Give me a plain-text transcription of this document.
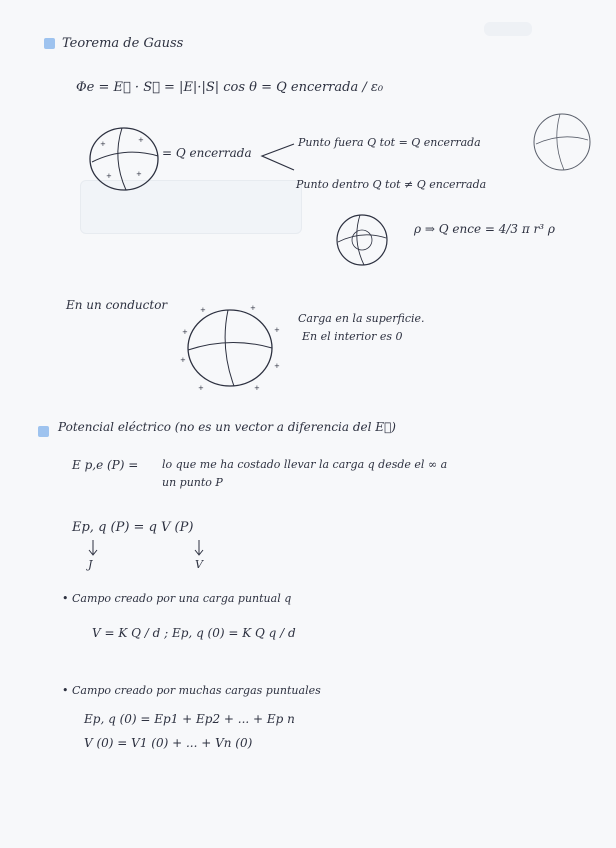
Teorema de Gauss
Φe = E⃗ · S⃗ = |E|·|S| cos θ = Q encerrada / ε₀
+	+
+	+
= Q encerrada
Punto fuera Q tot = Q encerrada
Punto dentro Q tot ≠ Q encerrada
ρ ⇒ Q ence = 4/3 π r³ ρ
En un conductor
+
+
+	+
+
+
+	+
Carga en la superficie.
En el interior es 0
Potencial eléctrico (no es un vector a diferencia del E⃗)
E p,e (P) = lo que me ha costado llevar la carga q desde el ∞ a
un punto P
Ep, q (P) = q V (P)
J	V
• Campo creado por una carga puntual q
V = K Q / d ; Ep, q (0) = K Q q / d
• Campo creado por muchas cargas puntuales
Ep, q (0) = Ep1 + Ep2 + ... + Ep n
V (0) = V1 (0) + ... + Vn (0)
